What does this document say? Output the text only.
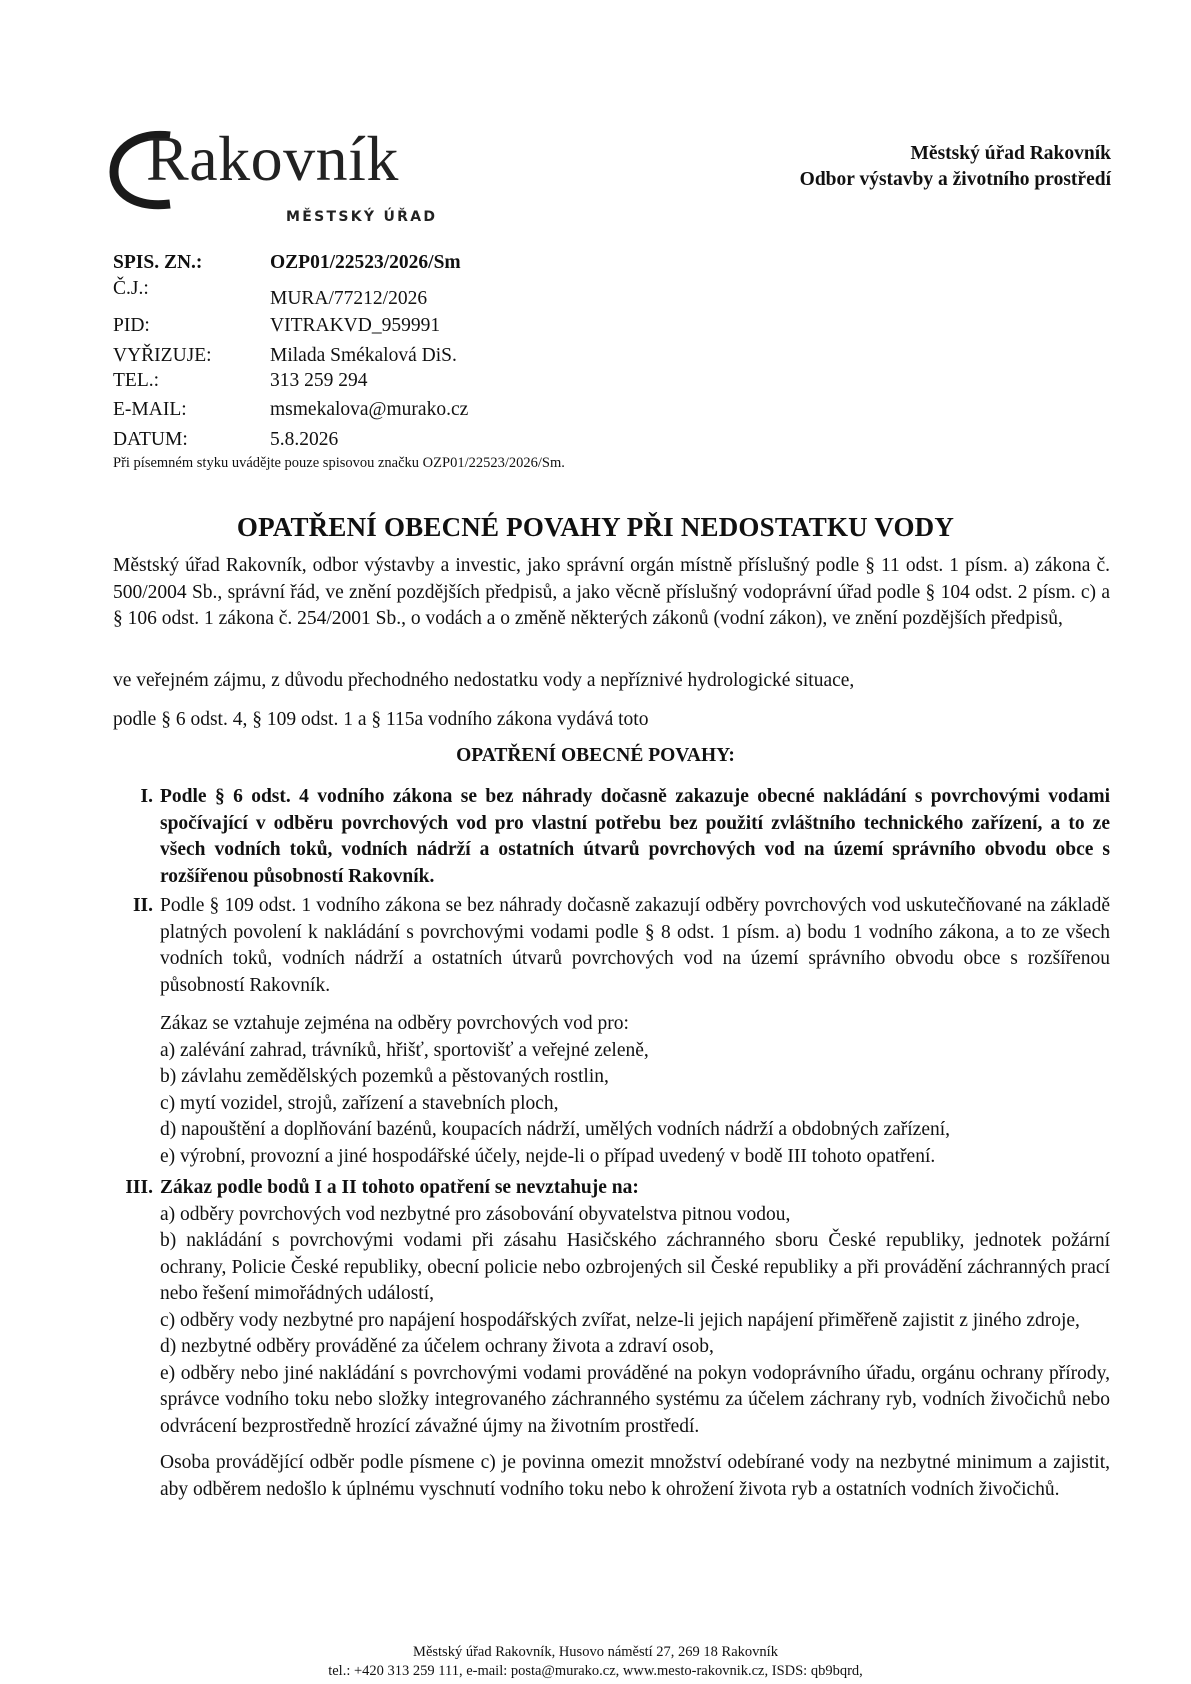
Rakovník
MĚSTSKÝ ÚŘAD
Městský úřad Rakovník
Odbor výstavby a životního prostředí
SPIS. ZN.:	OZP01/22523/2026/Sm
Č.J.:	MURA/77212/2026
PID:	VITRAKVD_959991
VYŘIZUJE:	Milada Smékalová DiS.
TEL.:	313 259 294
E-MAIL:	msmekalova@murako.cz
DATUM:	5.8.2026
Při písemném styku uvádějte pouze spisovou značku OZP01/22523/2026/Sm.
OPATŘENÍ OBECNÉ POVAHY PŘI NEDOSTATKU VODY

Městský úřad Rakovník, odbor výstavby a investic, jako správní orgán místně příslušný podle § 11 odst. 1 písm. a) zákona č. 500/2004 Sb., správní řád, ve znění pozdějších předpisů, a jako věcně příslušný vodoprávní úřad podle § 104 odst. 2 písm. c) a § 106 odst. 1 zákona č. 254/2001 Sb., o vodách a o změně některých zákonů (vodní zákon), ve znění pozdějších předpisů,

ve veřejném zájmu, z důvodu přechodného nedostatku vody a nepříznivé hydrologické situace,

podle § 6 odst. 4, § 109 odst. 1 a § 115a vodního zákona vydává toto

OPATŘENÍ OBECNÉ POVAHY:
I. Podle § 6 odst. 4 vodního zákona se bez náhrady dočasně zakazuje obecné nakládání s povrchovými vodami spočívající v odběru povrchových vod pro vlastní potřebu bez použití zvláštního technického zařízení, a to ze všech vodních toků, vodních nádrží a ostatních útvarů povrchových vod na území správního obvodu obce s rozšířenou působností Rakovník.
II. Podle § 109 odst. 1 vodního zákona se bez náhrady dočasně zakazují odběry povrchových vod uskutečňované na základě platných povolení k nakládání s povrchovými vodami podle § 8 odst. 1 písm. a) bodu 1 vodního zákona, a to ze všech vodních toků, vodních nádrží a ostatních útvarů povrchových vod na území správního obvodu obce s rozšířenou působností Rakovník.
Zákaz se vztahuje zejména na odběry povrchových vod pro:
a) zalévání zahrad, trávníků, hřišť, sportovišť a veřejné zeleně,
b) závlahu zemědělských pozemků a pěstovaných rostlin,
c) mytí vozidel, strojů, zařízení a stavebních ploch,
d) napouštění a doplňování bazénů, koupacích nádrží, umělých vodních nádrží a obdobných zařízení,
e) výrobní, provozní a jiné hospodářské účely, nejde-li o případ uvedený v bodě III tohoto opatření.
III. Zákaz podle bodů I a II tohoto opatření se nevztahuje na:
a) odběry povrchových vod nezbytné pro zásobování obyvatelstva pitnou vodou,
b) nakládání s povrchovými vodami při zásahu Hasičského záchranného sboru České republiky, jednotek požární ochrany, Policie České republiky, obecní policie nebo ozbrojených sil České republiky a při provádění záchranných prací nebo řešení mimořádných událostí,
c) odběry vody nezbytné pro napájení hospodářských zvířat, nelze-li jejich napájení přiměřeně zajistit z jiného zdroje,
d) nezbytné odběry prováděné za účelem ochrany života a zdraví osob,
e) odběry nebo jiné nakládání s povrchovými vodami prováděné na pokyn vodoprávního úřadu, orgánu ochrany přírody, správce vodního toku nebo složky integrovaného záchranného systému za účelem záchrany ryb, vodních živočichů nebo odvrácení bezprostředně hrozící závažné újmy na životním prostředí.
Osoba provádějící odběr podle písmene c) je povinna omezit množství odebírané vody na nezbytné minimum a zajistit, aby odběrem nedošlo k úplnému vyschnutí vodního toku nebo k ohrožení života ryb a ostatních vodních živočichů.
Městský úřad Rakovník, Husovo náměstí 27, 269 18 Rakovník
tel.: +420 313 259 111, e-mail: posta@murako.cz, www.mesto-rakovnik.cz, ISDS: qb9bqrd,
